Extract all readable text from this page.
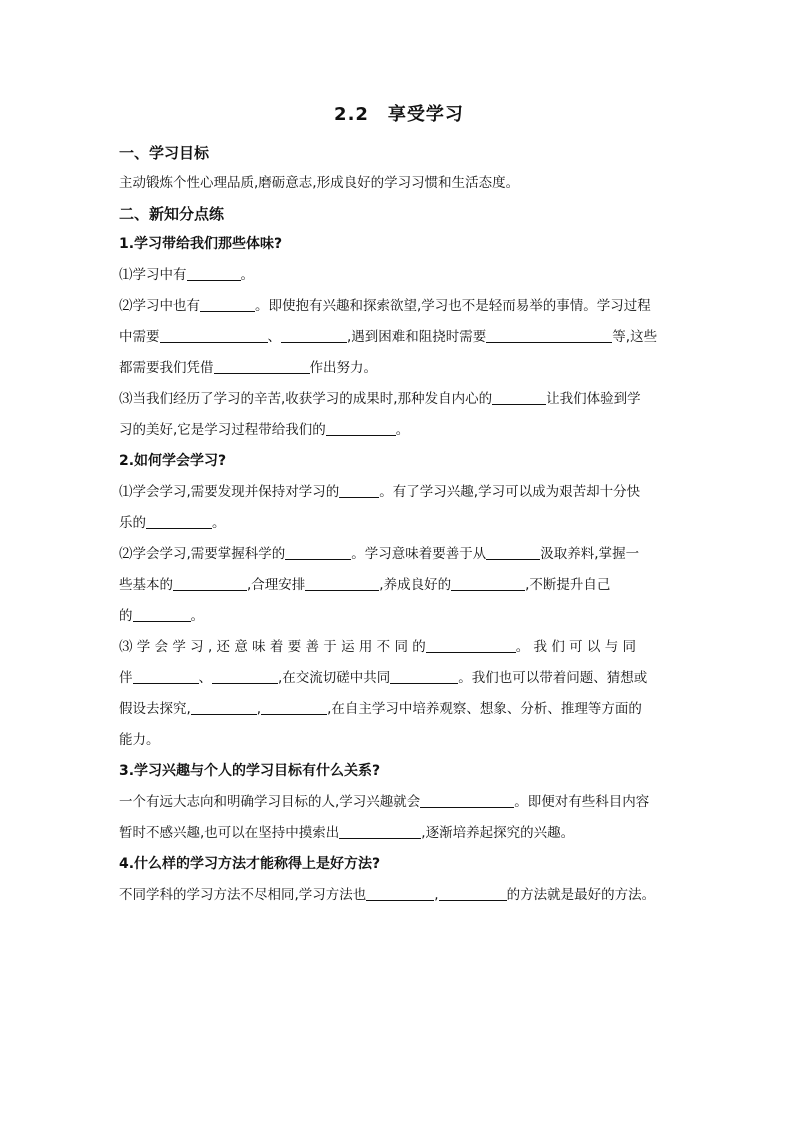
2.2　享受学习
一、学习目标
主动锻炼个性心理品质,磨砺意志,形成良好的学习习惯和生活态度。
二、新知分点练
1.学习带给我们那些体味?
⑴学习中有	。
⑵学习中也有	。即使抱有兴趣和探索欲望,学习也不是轻而易举的事情。学习过程
中需要	、	,遇到困难和阻挠时需要	等,这些
都需要我们凭借	作出努力。
⑶当我们经历了学习的辛苦,收获学习的成果时,那种发自内心的	让我们体验到学
习的美好,它是学习过程带给我们的	。
2.如何学会学习?
⑴学会学习,需要发现并保持对学习的	。有了学习兴趣,学习可以成为艰苦却十分快
乐的	。
⑵学会学习,需要掌握科学的	。学习意味着要善于从	汲取养料,掌握一
些基本的	,合理安排	,养成良好的	,不断提升自己
的	。
⑶ 学 会 学 习 , 还 意 味 着 要 善 于 运 用 不 同 的	。 我 们 可 以 与 同
伴	、	,在交流切磋中共同	。我们也可以带着问题、猜想或
假设去探究,	,	,在自主学习中培养观察、想象、分析、推理等方面的
能力。
3.学习兴趣与个人的学习目标有什么关系?
一个有远大志向和明确学习目标的人,学习兴趣就会	。即便对有些科目内容
暂时不感兴趣,也可以在坚持中摸索出	,逐渐培养起探究的兴趣。
4.什么样的学习方法才能称得上是好方法?
不同学科的学习方法不尽相同,学习方法也	,	的方法就是最好的方法。
